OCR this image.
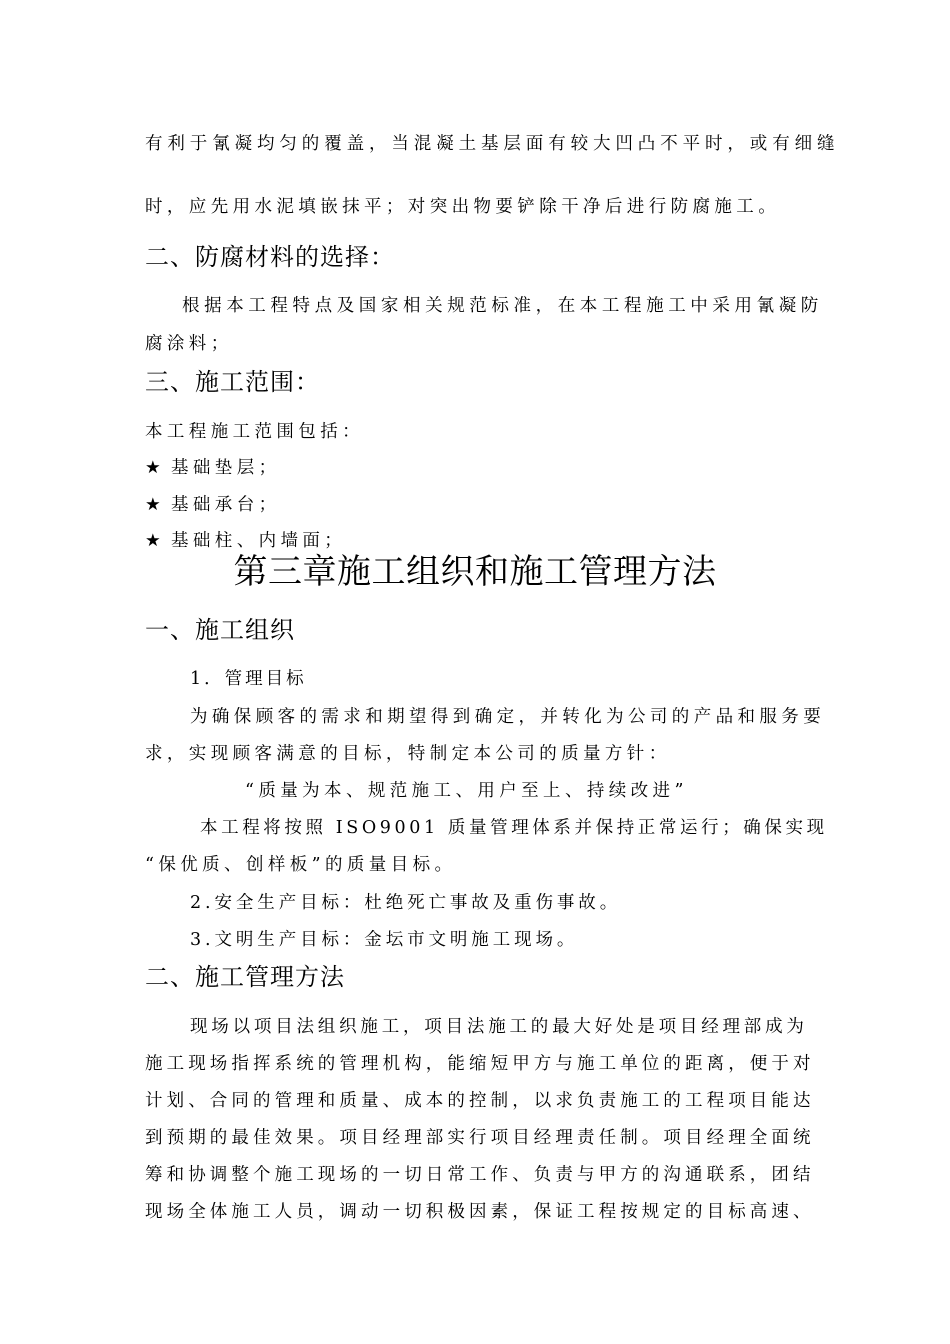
有利于氰凝均匀的覆盖，当混凝土基层面有较大凹凸不平时，或有细缝
时，应先用水泥填嵌抹平；对突出物要铲除干净后进行防腐施工。
二、防腐材料的选择：
根据本工程特点及国家相关规范标准，在本工程施工中采用氰凝防
腐涂料；
三、施工范围：
本工程施工范围包括：
★ 基础垫层；
★ 基础承台；
★ 基础柱、内墙面；
第三章施工组织和施工管理方法
一、施工组织
1．管理目标
为确保顾客的需求和期望得到确定，并转化为公司的产品和服务要
求，实现顾客满意的目标，特制定本公司的质量方针：
“质量为本、规范施工、用户至上、持续改进”
本工程将按照 ISO9001 质量管理体系并保持正常运行；确保实现
“保优质、创样板”的质量目标。
2.安全生产目标：杜绝死亡事故及重伤事故。
3.文明生产目标：金坛市文明施工现场。
二、施工管理方法
现场以项目法组织施工，项目法施工的最大好处是项目经理部成为
施工现场指挥系统的管理机构，能缩短甲方与施工单位的距离，便于对
计划、合同的管理和质量、成本的控制，以求负责施工的工程项目能达
到预期的最佳效果。项目经理部实行项目经理责任制。项目经理全面统
筹和协调整个施工现场的一切日常工作、负责与甲方的沟通联系，团结
现场全体施工人员，调动一切积极因素，保证工程按规定的目标高速、
